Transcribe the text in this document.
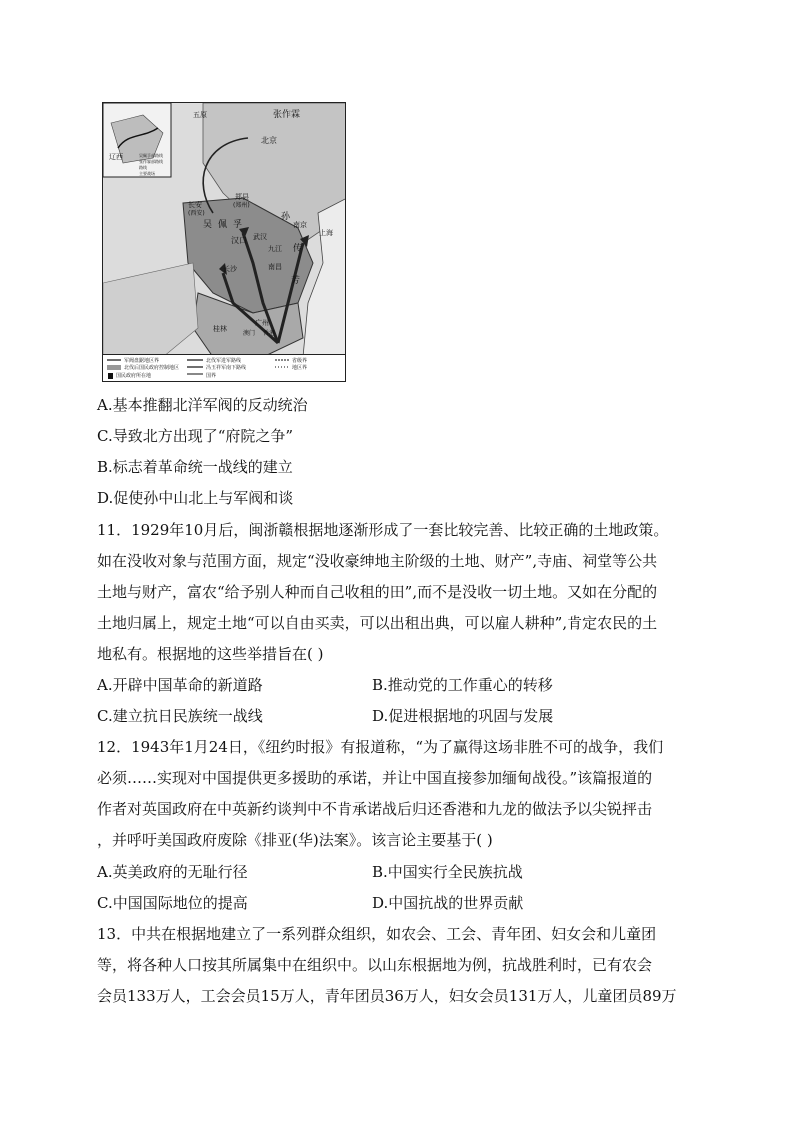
张作霖
北京
五原
长安
(西安)
郑县
(郑州)
吴佩孚
汉口 武汉
南京
上海
九江
南昌
长沙
桂林
广州
澳门 香港
孙
传
芳
辽西	吴佩孚部路线
张作霖部路线
路线
主要战场
军阀盘踞地区界	北伐军进军路线	省级界
北伐后国民政府控制地区	冯玉祥军南下路线	地区界
国民政府所在地	国界
A.基本推翻北洋军阀的反动统治
C.导致北方出现了“府院之争”
B.标志着革命统一战线的建立
D.促使孙中山北上与军阀和谈
11．1929年10月后，闽浙赣根据地逐渐形成了一套比较完善、比较正确的土地政策。
如在没收对象与范围方面，规定“没收豪绅地主阶级的土地、财产”,寺庙、祠堂等公共
土地与财产，富农“给予别人种而自己收租的田”,而不是没收一切土地。又如在分配的
土地归属上，规定土地“可以自由买卖，可以出租出典，可以雇人耕种”,肯定农民的土
地私有。根据地的这些举措旨在( )
A.开辟中国革命的新道路	B.推动党的工作重心的转移
C.建立抗日民族统一战线	D.促进根据地的巩固与发展
12．1943年1月24日，《纽约时报》有报道称，“为了赢得这场非胜不可的战争，我们
必须……实现对中国提供更多援助的承诺，并让中国直接参加缅甸战役。”该篇报道的
作者对英国政府在中英新约谈判中不肯承诺战后归还香港和九龙的做法予以尖锐抨击
，并呼吁美国政府废除《排亚(华)法案》。该言论主要基于( )
A.英美政府的无耻行径	B.中国实行全民族抗战
C.中国国际地位的提高	D.中国抗战的世界贡献
13．中共在根据地建立了一系列群众组织，如农会、工会、青年团、妇女会和儿童团
等，将各种人口按其所属集中在组织中。以山东根据地为例，抗战胜利时，已有农会
会员133万人，工会会员15万人，青年团员36万人，妇女会员131万人，儿童团员89万
